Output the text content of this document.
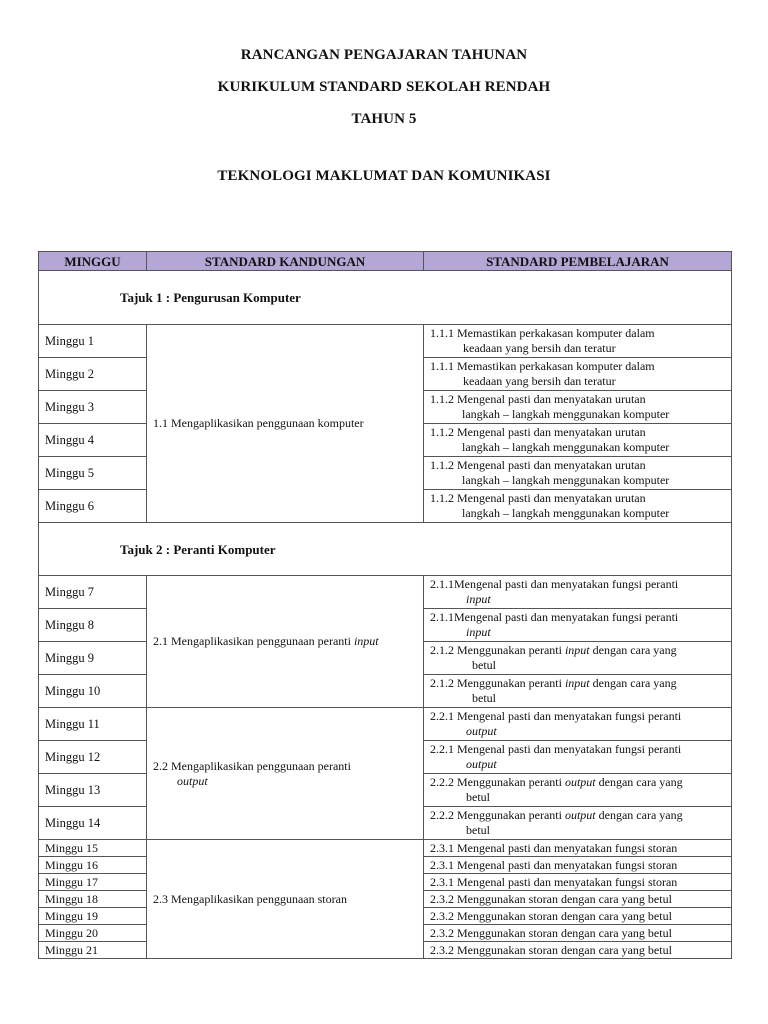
RANCANGAN PENGAJARAN TAHUNAN
KURIKULUM STANDARD SEKOLAH RENDAH
TAHUN 5
TEKNOLOGI MAKLUMAT DAN KOMUNIKASI
MINGGU	STANDARD KANDUNGAN	STANDARD PEMBELAJARAN
Tajuk 1 : Pengurusan Komputer		
Minggu 1	1.1 Mengaplikasikan penggunaan komputer	1.1.1 Memastikan perkakasan komputer dalam
keadaan yang bersih dan teratur

Minggu 2		1.1.1 Memastikan perkakasan komputer dalam
keadaan yang bersih dan teratur

Minggu 3		1.1.2 Mengenal pasti dan menyatakan urutan
langkah – langkah menggunakan komputer

Minggu 4		1.1.2 Mengenal pasti dan menyatakan urutan
langkah – langkah menggunakan komputer

Minggu 5		1.1.2 Mengenal pasti dan menyatakan urutan
langkah – langkah menggunakan komputer

Minggu 6		1.1.2 Mengenal pasti dan menyatakan urutan
langkah – langkah menggunakan komputer

Tajuk 2 : Peranti Komputer		
Minggu 7	2.1 Mengaplikasikan penggunaan peranti input	2.1.1Mengenal pasti dan menyatakan fungsi peranti
input

Minggu 8		2.1.1Mengenal pasti dan menyatakan fungsi peranti
input

Minggu 9		2.1.2 Menggunakan peranti input dengan cara yang
betul

Minggu 10		2.1.2 Menggunakan peranti input dengan cara yang
betul

Minggu 11	2.2 Mengaplikasikan penggunaan peranti
output	2.2.1 Mengenal pasti dan menyatakan fungsi peranti
output

Minggu 12		2.2.1 Mengenal pasti dan menyatakan fungsi peranti
output

Minggu 13		2.2.2 Menggunakan peranti output dengan cara yang
betul

Minggu 14		2.2.2 Menggunakan peranti output dengan cara yang
betul

Minggu 15	2.3 Mengaplikasikan penggunaan storan	2.3.1 Mengenal pasti dan menyatakan fungsi storan
Minggu 16		2.3.1 Mengenal pasti dan menyatakan fungsi storan
Minggu 17		2.3.1 Mengenal pasti dan menyatakan fungsi storan
Minggu 18		2.3.2 Menggunakan storan dengan cara yang betul
Minggu 19		2.3.2 Menggunakan storan dengan cara yang betul
Minggu 20		2.3.2 Menggunakan storan dengan cara yang betul
Minggu 21		2.3.2 Menggunakan storan dengan cara yang betul
